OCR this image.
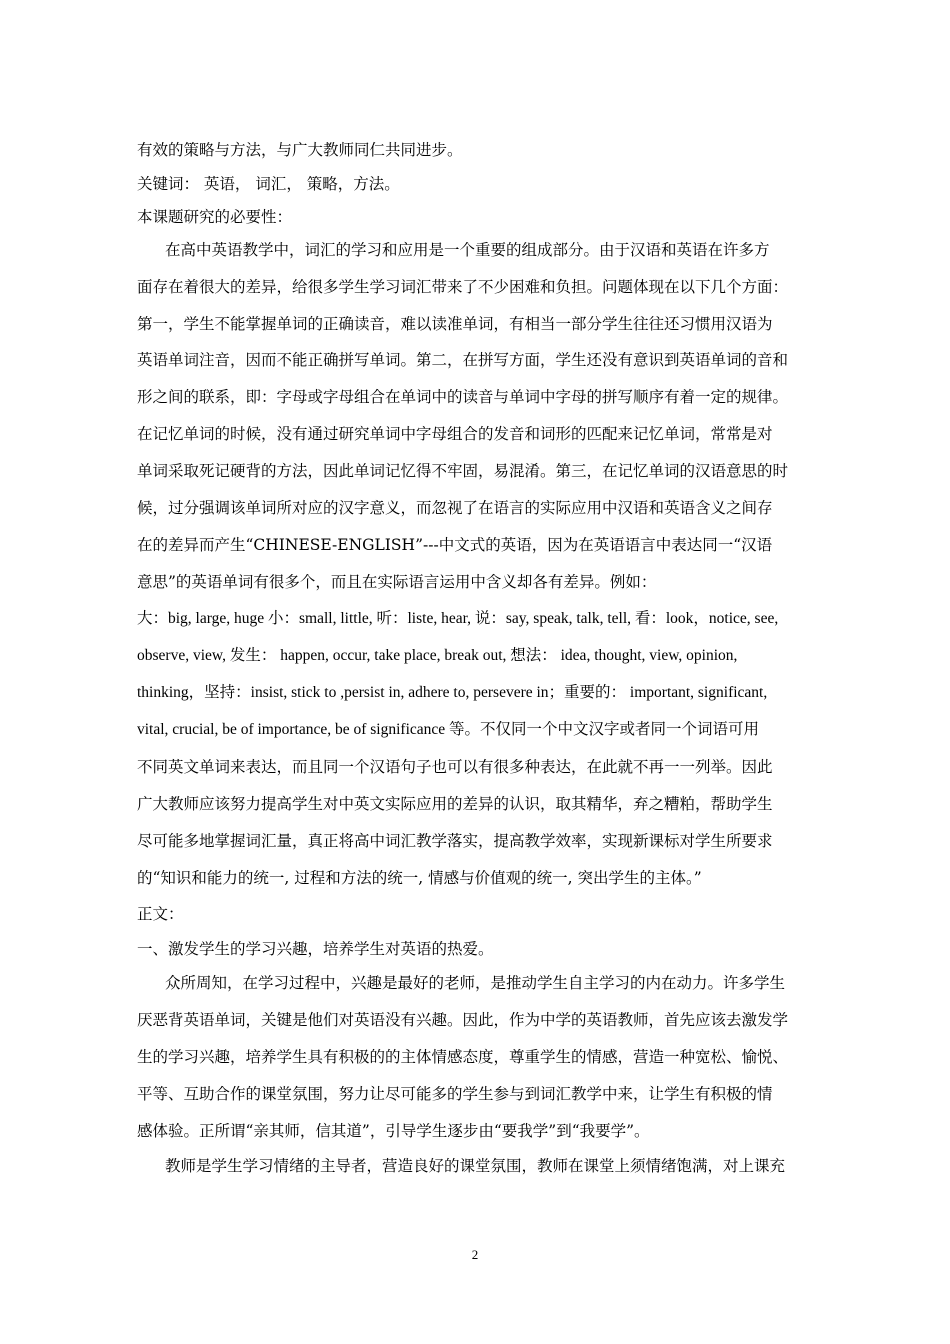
有效的策略与方法，与广大教师同仁共同进步。
关键词： 英语， 词汇， 策略，方法。
本课题研究的必要性：
在高中英语教学中，词汇的学习和应用是一个重要的组成部分。由于汉语和英语在许多方
面存在着很大的差异，给很多学生学习词汇带来了不少困难和负担。问题体现在以下几个方面：
第一，学生不能掌握单词的正确读音，难以读准单词，有相当一部分学生往往还习惯用汉语为
英语单词注音，因而不能正确拼写单词。第二，在拼写方面，学生还没有意识到英语单词的音和
形之间的联系，即：字母或字母组合在单词中的读音与单词中字母的拼写顺序有着一定的规律。
在记忆单词的时候，没有通过研究单词中字母组合的发音和词形的匹配来记忆单词，常常是对
单词采取死记硬背的方法，因此单词记忆得不牢固，易混淆。第三，在记忆单词的汉语意思的时
候，过分强调该单词所对应的汉字意义，而忽视了在语言的实际应用中汉语和英语含义之间存
在的差异而产生“CHINESE-ENGLISH”---中文式的英语，因为在英语语言中表达同一“汉语
意思”的英语单词有很多个，而且在实际语言运用中含义却各有差异。例如：
大：big, large, huge 小：small, little, 听：liste, hear, 说：say, speak, talk, tell, 看：look，notice, see,
observe, view, 发生： happen, occur, take place, break out, 想法： idea, thought, view, opinion,
thinking，坚持：insist, stick to ,persist in, adhere to, persevere in；重要的： important, significant,
vital, crucial, be of importance, be of significance 等。不仅同一个中文汉字或者同一个词语可用
不同英文单词来表达，而且同一个汉语句子也可以有很多种表达，在此就不再一一列举。因此
广大教师应该努力提高学生对中英文实际应用的差异的认识，取其精华，弃之糟粕，帮助学生
尽可能多地掌握词汇量，真正将高中词汇教学落实，提高教学效率，实现新课标对学生所要求
的“知识和能力的统一, 过程和方法的统一, 情感与价值观的统一, 突出学生的主体。”
正文：
一、激发学生的学习兴趣，培养学生对英语的热爱。
众所周知，在学习过程中，兴趣是最好的老师，是推动学生自主学习的内在动力。许多学生
厌恶背英语单词，关键是他们对英语没有兴趣。因此，作为中学的英语教师，首先应该去激发学
生的学习兴趣，培养学生具有积极的的主体情感态度，尊重学生的情感，营造一种宽松、愉悦、
平等、互助合作的课堂氛围，努力让尽可能多的学生参与到词汇教学中来，让学生有积极的情
感体验。正所谓“亲其师，信其道”，引导学生逐步由“要我学”到“我要学”。
教师是学生学习情绪的主导者，营造良好的课堂氛围，教师在课堂上须情绪饱满，对上课充
2
